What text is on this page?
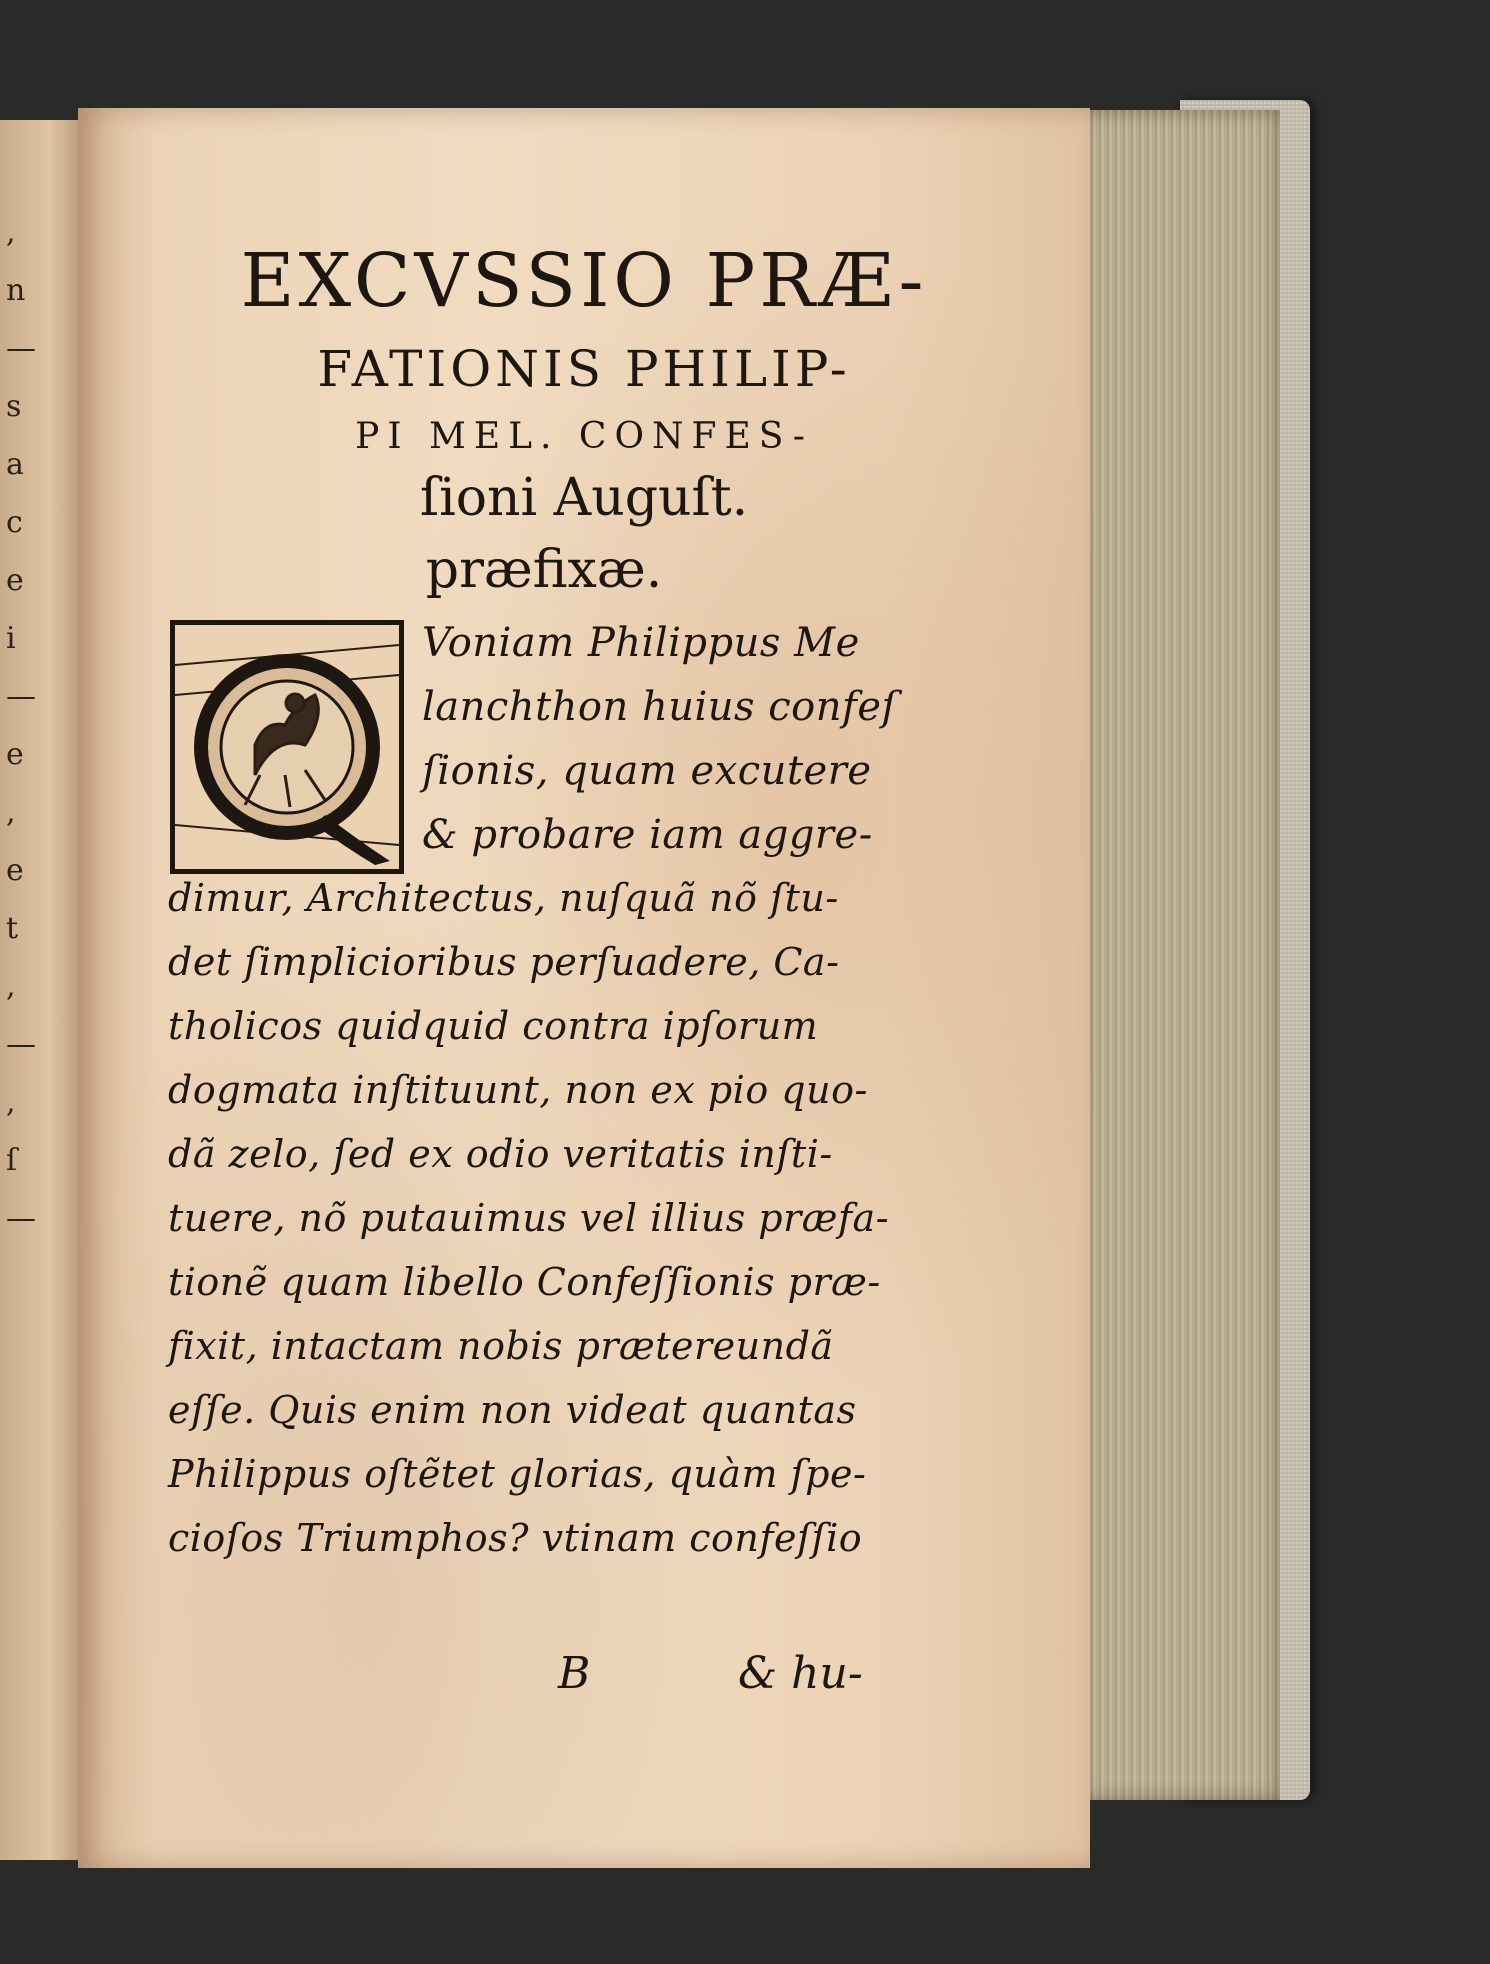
,
n
—
s
a
c
e
i
—
e
,
e
t
,
—
,
ſ
—
EXCVSSIO PRÆ-
FATIONIS PHILIP-
PI MEL. CONFES-
ſioni Auguſt.
præfixæ.
Voniam Philippus Me
lanchthon huius confeſ
ſionis, quam excutere
& probare iam aggre-
dimur, Architectus, nuſquã nõ ſtu-
det ſimplicioribus perſuadere, Ca-
tholicos quidquid contra ipſorum
dogmata inſtituunt, non ex pio quo-
dã zelo, ſed ex odio veritatis inſti-
tuere, nõ putauimus vel illius præfa-
tionẽ quam libello Confeſſionis præ-
fixit, intactam nobis prætereundã
eſſe. Quis enim non videat quantas
Philippus oſtẽtet glorias, quàm ſpe-
cioſos Triumphos? vtinam confeſſio
B	& hu-
